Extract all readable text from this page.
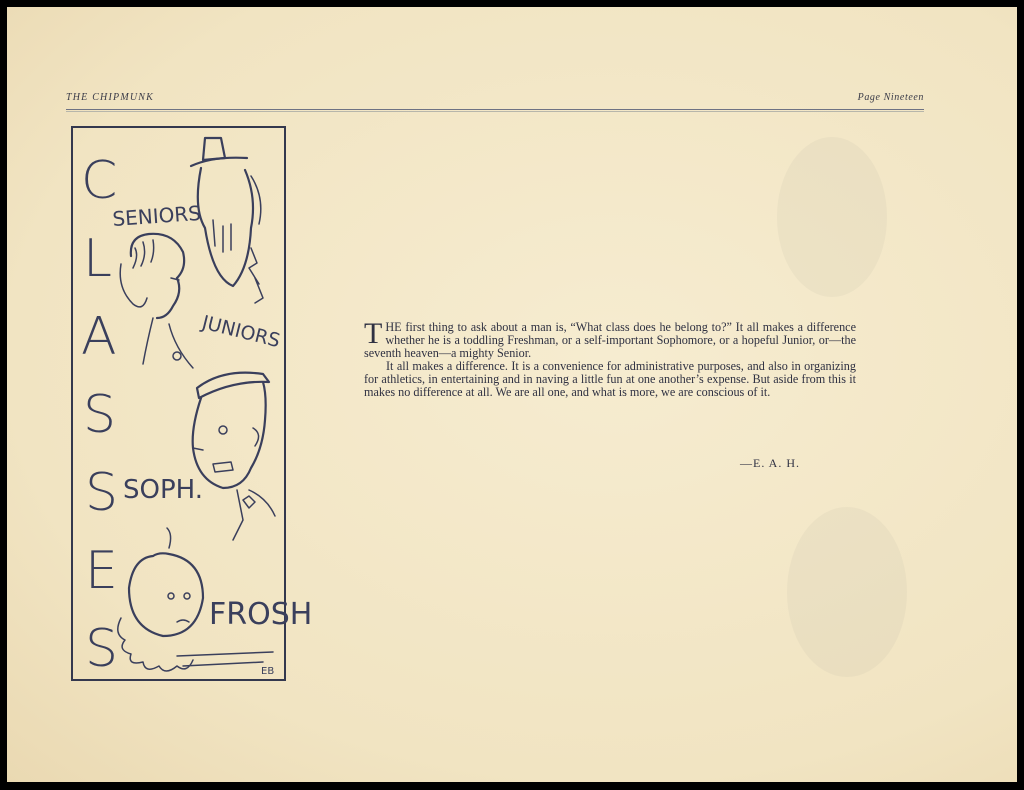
THE CHIPMUNK	Page Nineteen
C
L
A
S
S
E
S
SENIORS
JUNIORS
SOPH.
FROSH
EB

THE first thing to ask about a man is, “What class does he belong to?” It all makes a difference whether he is a toddling Freshman, or a self-important Sophomore, or a hopeful Junior, or—the seventh heaven—a mighty Senior.

It all makes a difference. It is a convenience for administrative purposes, and also in organizing for athletics, in entertaining and in naving a little fun at one another’s expense. But aside from this it makes no difference at all. We are all one, and what is more, we are conscious of it.

—E. A. H.
